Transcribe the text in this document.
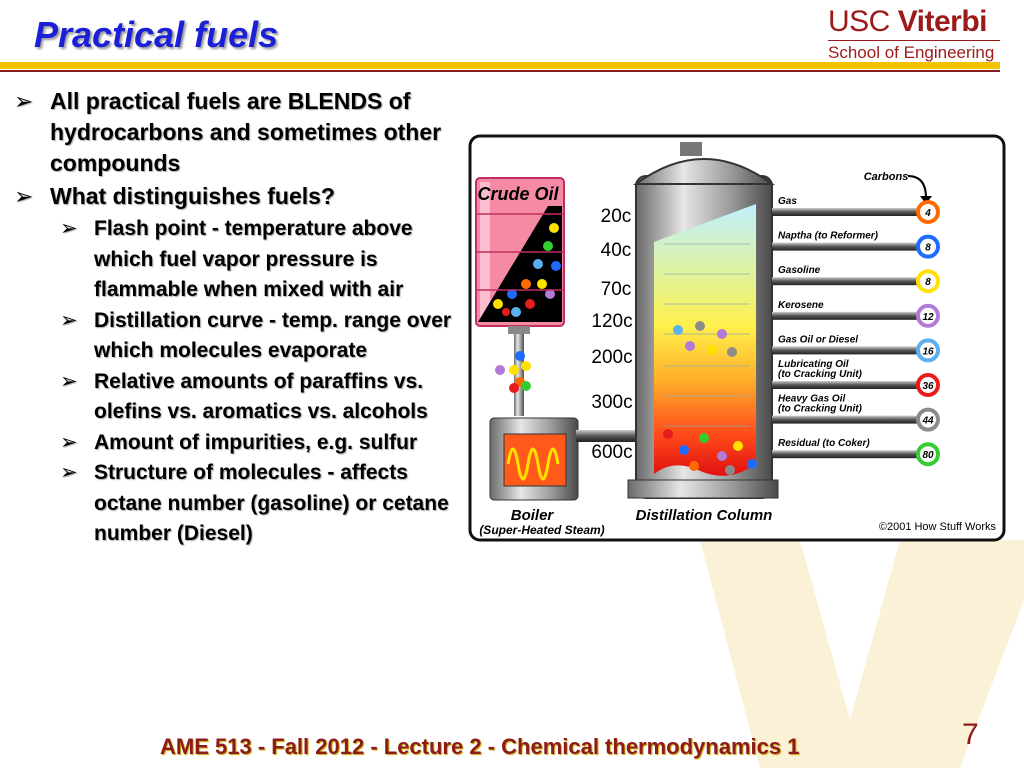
Practical fuels	USC Viterbi
School of Engineering
➢ All practical fuels are BLENDS of hydrocarbons and sometimes other compounds
➢ What distinguishes fuels?
➢ Flash point - temperature above which fuel vapor pressure is flammable when mixed with air
➢ Distillation curve - temp. range over which molecules evaporate
➢ Relative amounts of paraffins vs. olefins vs. aromatics vs. alcohols
➢ Amount of impurities, e.g. sulfur
➢ Structure of molecules - affects octane number (gasoline) or cetane number (Diesel)
Crude Oil
Boiler
(Super-Heated Steam)
20c
40c
70c
120c
200c
300c
600c
Distillation Column
Carbons
Gas
4
Naptha (to Reformer)
8
Gasoline
8
Kerosene
12
Gas Oil or Diesel
16
Lubricating Oil
(to Cracking Unit)
36
Heavy Gas Oil
(to Cracking Unit)
44
Residual (to Coker)
80
©2001 How Stuff Works
AME 513 - Fall 2012 - Lecture 2 - Chemical thermodynamics 1	7
